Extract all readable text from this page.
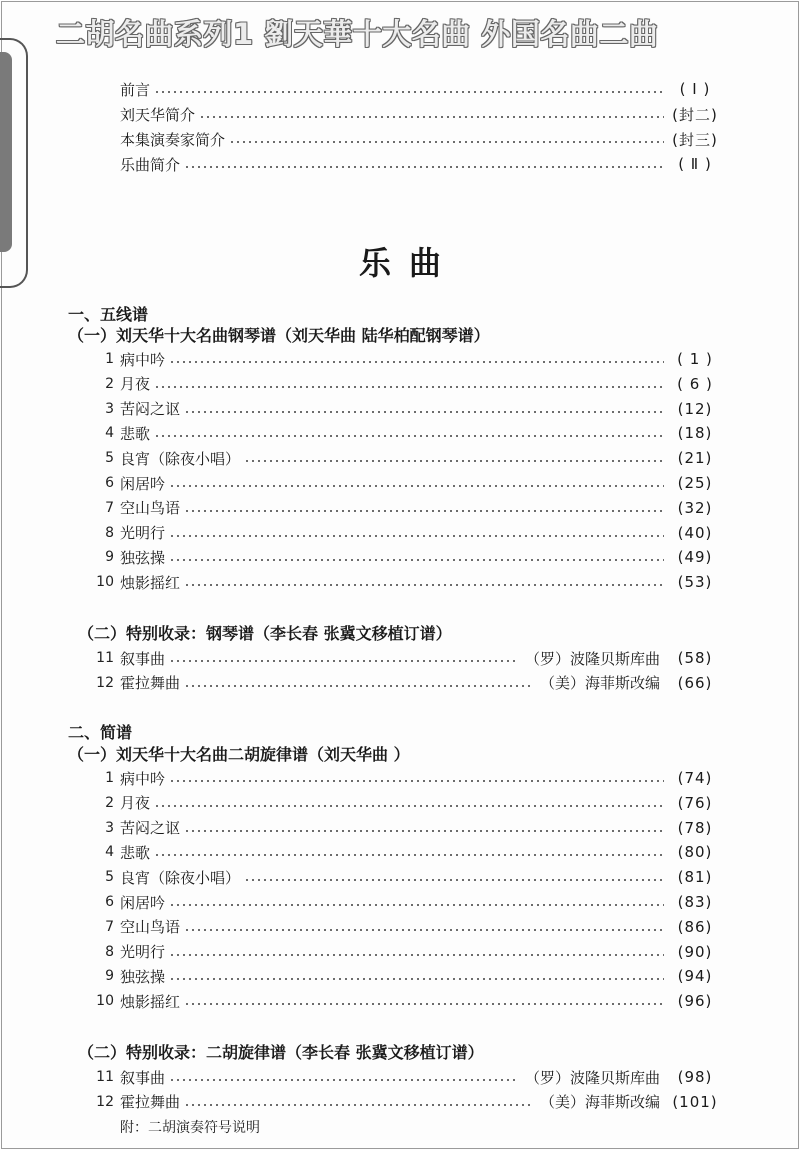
二胡名曲系列1 劉天華十大名曲 外国名曲二曲
前言	( Ⅰ )
刘天华简介	(封二)
本集演奏家简介	(封三)
乐曲简介	( Ⅱ )
乐曲
一、五线谱
（一）刘天华十大名曲钢琴谱（刘天华曲 陆华柏配钢琴谱）
（二）特别收录：钢琴谱（李长春 张冀文移植订谱）
二、简谱
（一）刘天华十大名曲二胡旋律谱（刘天华曲 ）
（二）特别收录：二胡旋律谱（李长春 张冀文移植订谱）
附：二胡演奏符号说明
1 病中吟	( 1 )
2 月夜	( 6 )
3 苦闷之讴	(12)
4 悲歌	(18)
5 良宵（除夜小唱）	(21)
6 闲居吟	(25)
7 空山鸟语	(32)
8 光明行	(40)
9 独弦操	(49)
10 烛影摇红	(53)
11 叙事曲	（罗）波隆贝斯库曲	(58)
12 霍拉舞曲	（美）海菲斯改编	(66)
1 病中吟	(74)
2 月夜	(76)
3 苦闷之讴	(78)
4 悲歌	(80)
5 良宵（除夜小唱）	(81)
6 闲居吟	(83)
7 空山鸟语	(86)
8 光明行	(90)
9 独弦操	(94)
10 烛影摇红	(96)
11 叙事曲	（罗）波隆贝斯库曲	(98)
12 霍拉舞曲	（美）海菲斯改编 (101)
